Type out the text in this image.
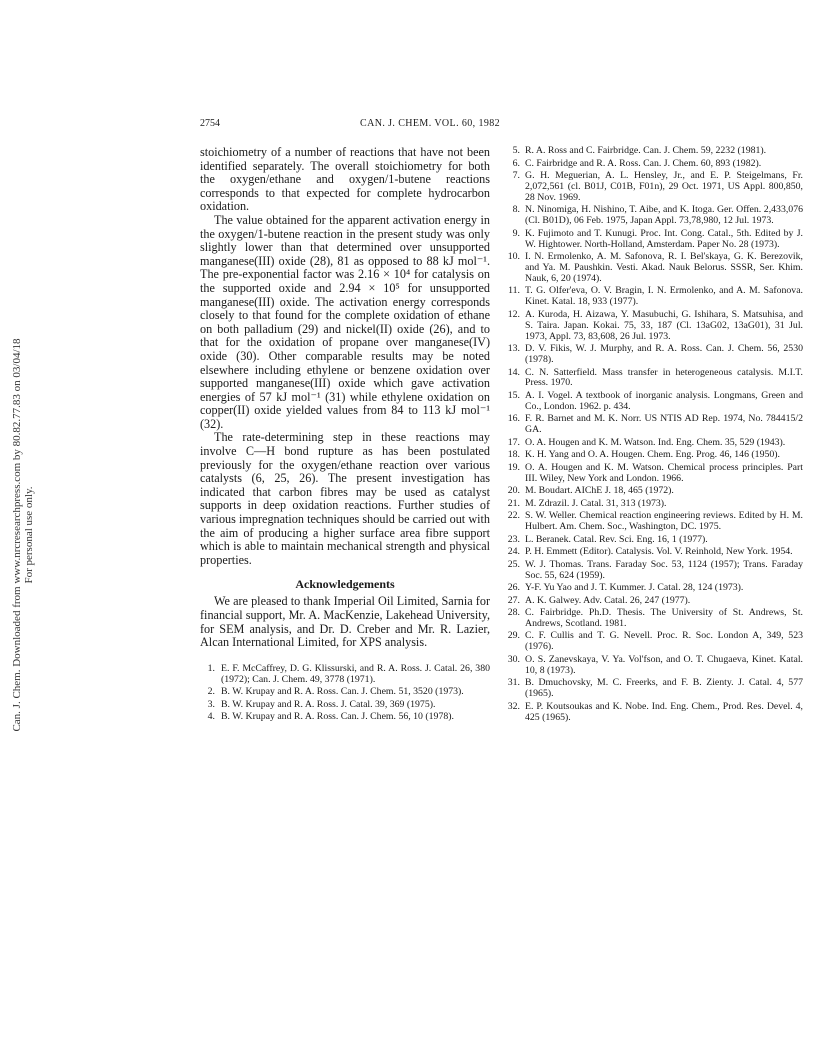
Can. J. Chem. Downloaded from www.nrcresearchpress.com by 80.82.77.83 on 03/04/18 For personal use only.
2754	CAN. J. CHEM. VOL. 60, 1982

stoichiometry of a number of reactions that have not been identified separately. The overall stoichiometry for both the oxygen/ethane and oxygen/1-butene reactions corresponds to that expected for complete hydrocarbon oxidation.

The value obtained for the apparent activation energy in the oxygen/1-butene reaction in the present study was only slightly lower than that determined over unsupported manganese(III) oxide (28), 81 as opposed to 88 kJ mol⁻¹. The pre-exponential factor was 2.16 × 10⁴ for catalysis on the supported oxide and 2.94 × 10⁵ for unsupported manganese(III) oxide. The activation energy corresponds closely to that found for the complete oxidation of ethane on both palladium (29) and nickel(II) oxide (26), and to that for the oxidation of propane over manganese(IV) oxide (30). Other comparable results may be noted elsewhere including ethylene or benzene oxidation over supported manganese(III) oxide which gave activation energies of 57 kJ mol⁻¹ (31) while ethylene oxidation on copper(II) oxide yielded values from 84 to 113 kJ mol⁻¹ (32).

The rate-determining step in these reactions may involve C—H bond rupture as has been postulated previously for the oxygen/ethane reaction over various catalysts (6, 25, 26). The present investigation has indicated that carbon fibres may be used as catalyst supports in deep oxidation reactions. Further studies of various impregnation techniques should be carried out with the aim of producing a higher surface area fibre support which is able to maintain mechanical strength and physical properties.

Acknowledgements

We are pleased to thank Imperial Oil Limited, Sarnia for financial support, Mr. A. MacKenzie, Lakehead University, for SEM analysis, and Dr. D. Creber and Mr. R. Lazier, Alcan International Limited, for XPS analysis.

1. E. F. McCaffrey, D. G. Klissurski, and R. A. Ross. J. Catal. 26, 380 (1972); Can. J. Chem. 49, 3778 (1971).
2. B. W. Krupay and R. A. Ross. Can. J. Chem. 51, 3520 (1973).
3. B. W. Krupay and R. A. Ross. J. Catal. 39, 369 (1975).
4. B. W. Krupay and R. A. Ross. Can. J. Chem. 56, 10 (1978).
5. R. A. Ross and C. Fairbridge. Can. J. Chem. 59, 2232 (1981).
6. C. Fairbridge and R. A. Ross. Can. J. Chem. 60, 893 (1982).
7. G. H. Meguerian, A. L. Hensley, Jr., and E. P. Steigelmans, Fr. 2,072,561 (cl. B01J, C01B, F01n), 29 Oct. 1971, US Appl. 800,850, 28 Nov. 1969.
8. N. Ninomiga, H. Nishino, T. Aibe, and K. Itoga. Ger. Offen. 2,433,076 (Cl. B01D), 06 Feb. 1975, Japan Appl. 73,78,980, 12 Jul. 1973.
9. K. Fujimoto and T. Kunugi. Proc. Int. Cong. Catal., 5th. Edited by J. W. Hightower. North-Holland, Amsterdam. Paper No. 28 (1973).
10. I. N. Ermolenko, A. M. Safonova, R. I. Bel'skaya, G. K. Berezovik, and Ya. M. Paushkin. Vesti. Akad. Nauk Belorus. SSSR, Ser. Khim. Nauk, 6, 20 (1974).
11. T. G. Olfer'eva, O. V. Bragin, I. N. Ermolenko, and A. M. Safonova. Kinet. Katal. 18, 933 (1977).
12. A. Kuroda, H. Aizawa, Y. Masubuchi, G. Ishihara, S. Matsuhisa, and S. Taira. Japan. Kokai. 75, 33, 187 (Cl. 13aG02, 13aG01), 31 Jul. 1973, Appl. 73, 83,608, 26 Jul. 1973.
13. D. V. Fikis, W. J. Murphy, and R. A. Ross. Can. J. Chem. 56, 2530 (1978).
14. C. N. Satterfield. Mass transfer in heterogeneous catalysis. M.I.T. Press. 1970.
15. A. I. Vogel. A textbook of inorganic analysis. Longmans, Green and Co., London. 1962. p. 434.
16. F. R. Barnet and M. K. Norr. US NTIS AD Rep. 1974, No. 784415/2 GA.
17. O. A. Hougen and K. M. Watson. Ind. Eng. Chem. 35, 529 (1943).
18. K. H. Yang and O. A. Hougen. Chem. Eng. Prog. 46, 146 (1950).
19. O. A. Hougen and K. M. Watson. Chemical process principles. Part III. Wiley, New York and London. 1966.
20. M. Boudart. AIChE J. 18, 465 (1972).
21. M. Zdrazil. J. Catal. 31, 313 (1973).
22. S. W. Weller. Chemical reaction engineering reviews. Edited by H. M. Hulbert. Am. Chem. Soc., Washington, DC. 1975.
23. L. Beranek. Catal. Rev. Sci. Eng. 16, 1 (1977).
24. P. H. Emmett (Editor). Catalysis. Vol. V. Reinhold, New York. 1954.
25. W. J. Thomas. Trans. Faraday Soc. 53, 1124 (1957); Trans. Faraday Soc. 55, 624 (1959).
26. Y-F. Yu Yao and J. T. Kummer. J. Catal. 28, 124 (1973).
27. A. K. Galwey. Adv. Catal. 26, 247 (1977).
28. C. Fairbridge. Ph.D. Thesis. The University of St. Andrews, St. Andrews, Scotland. 1981.
29. C. F. Cullis and T. G. Nevell. Proc. R. Soc. London A, 349, 523 (1976).
30. O. S. Zanevskaya, V. Ya. Vol'fson, and O. T. Chugaeva, Kinet. Katal. 10, 8 (1973).
31. B. Dmuchovsky, M. C. Freerks, and F. B. Zienty. J. Catal. 4, 577 (1965).
32. E. P. Koutsoukas and K. Nobe. Ind. Eng. Chem., Prod. Res. Devel. 4, 425 (1965).
